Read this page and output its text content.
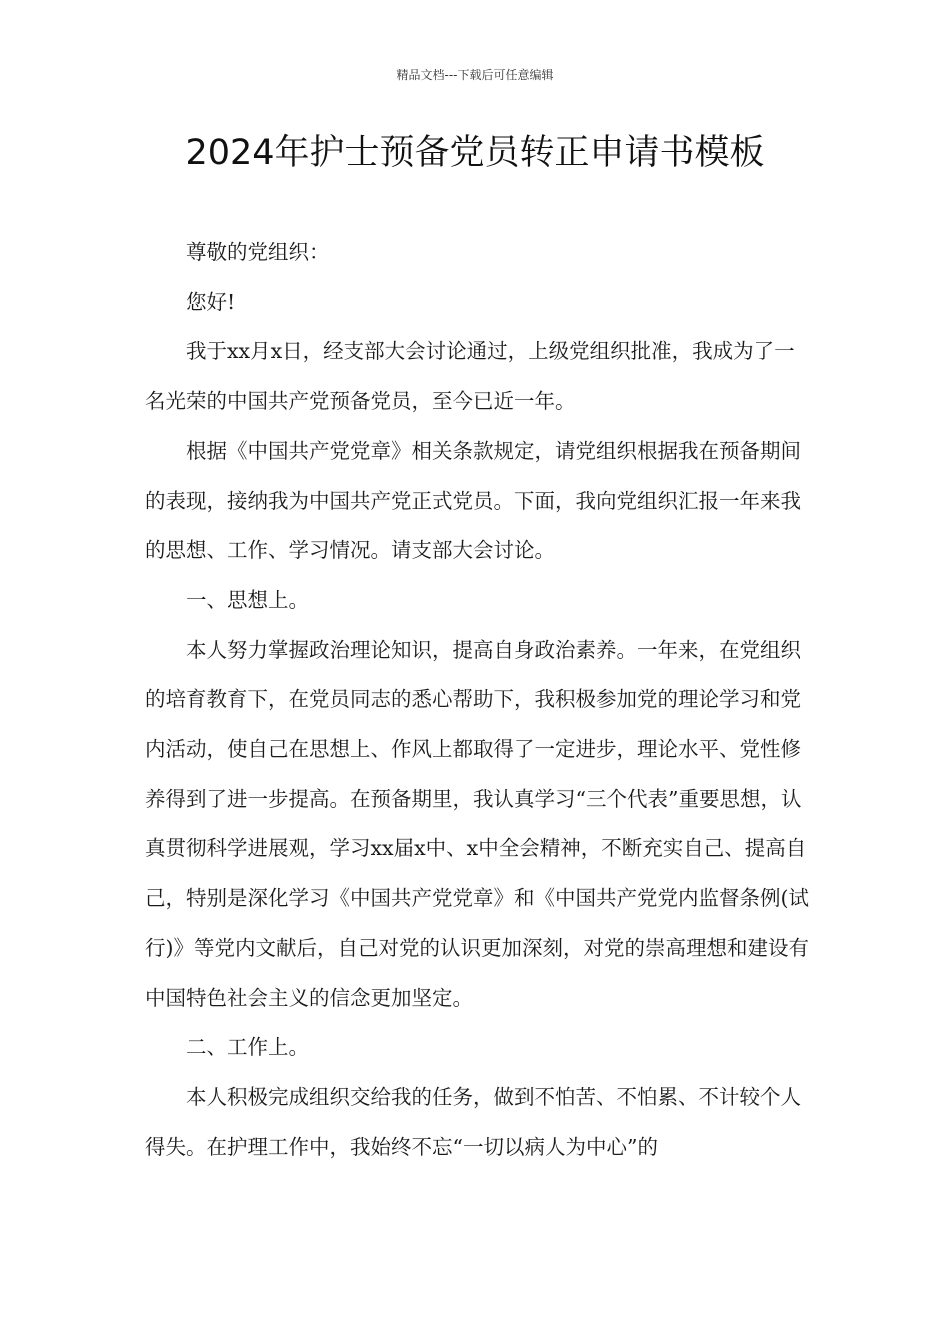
精品文档---下载后可任意编辑
2024年护士预备党员转正申请书模板

尊敬的党组织：

您好!

我于xx月x日，经支部大会讨论通过，上级党组织批准，我成为了一名光荣的中国共产党预备党员，至今已近一年。

根据《中国共产党党章》相关条款规定，请党组织根据我在预备期间的表现，接纳我为中国共产党正式党员。下面，我向党组织汇报一年来我的思想、工作、学习情况。请支部大会讨论。

一、思想上。

本人努力掌握政治理论知识，提高自身政治素养。一年来，在党组织的培育教育下，在党员同志的悉心帮助下，我积极参加党的理论学习和党内活动，使自己在思想上、作风上都取得了一定进步，理论水平、党性修养得到了进一步提高。在预备期里，我认真学习“三个代表”重要思想，认真贯彻科学进展观，学习xx届x中、x中全会精神，不断充实自己、提高自己，特别是深化学习《中国共产党党章》和《中国共产党党内监督条例(试行)》等党内文献后，自己对党的认识更加深刻，对党的崇高理想和建设有中国特色社会主义的信念更加坚定。

二、工作上。

本人积极完成组织交给我的任务，做到不怕苦、不怕累、不计较个人得失。在护理工作中，我始终不忘“一切以病人为中心”的
